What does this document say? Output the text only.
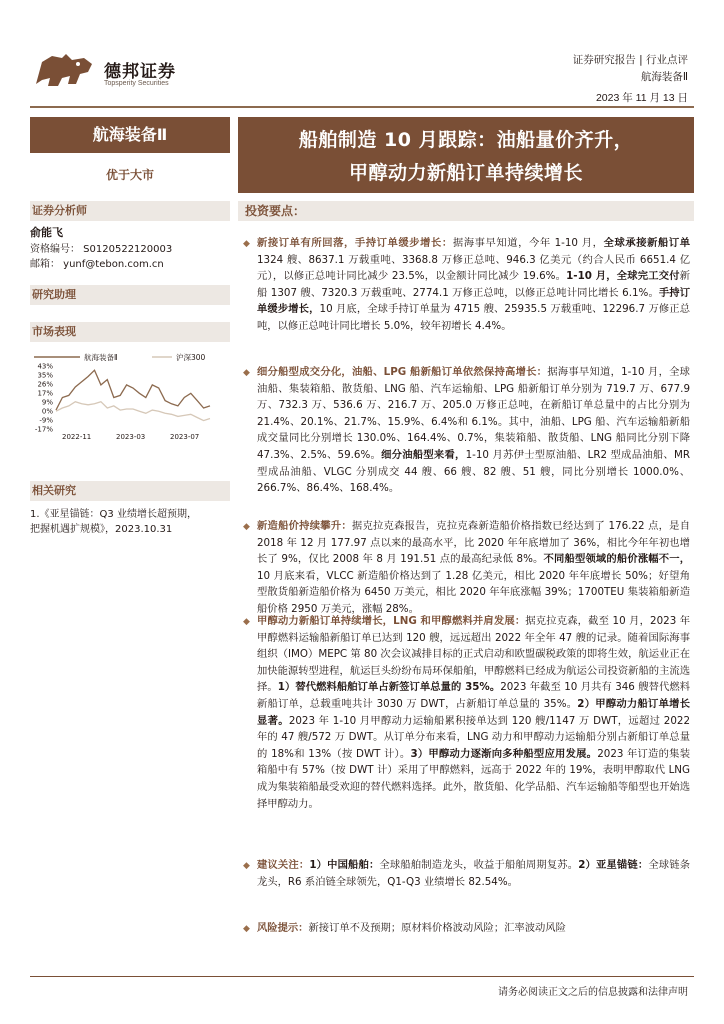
德邦证券
Topsperity Securities
证券研究报告 | 行业点评
航海装备Ⅱ
2023 年 11 月 13 日
航海装备Ⅱ
优于大市
船舶制造 10 月跟踪：油船量价齐升，
甲醇动力新船订单持续增长
证券分析师
俞能飞
资格编号： S0120522120003
邮箱： yunf@tebon.com.cn
研究助理
市场表现
航海装备Ⅱ	沪深300
43%
35%
26%
17%
9%
0%
-9%
-17%
2022-11	2023-03	2023-07
相关研究
1.《亚星锚链：Q3 业绩增长超预期，
把握机遇扩规模》，2023.10.31
投资要点：
◆ 新接订单有所回落，手持订单缓步增长：据海事早知道，今年 1-10 月，全球承接新船订单 1324 艘、8637.1 万载重吨、3368.8 万修正总吨、946.3 亿美元（约合人民币 6651.4 亿元），以修正总吨计同比减少 23.5%，以金额计同比减少 19.6%。1-10 月，全球完工交付新船 1307 艘、7320.3 万载重吨、2774.1 万修正总吨，以修正总吨计同比增长 6.1%。手持订单缓步增长，10 月底，全球手持订单量为 4715 艘、25935.5 万载重吨、12296.7 万修正总吨，以修正总吨计同比增长 5.0%，较年初增长 4.4%。
◆ 细分船型成交分化，油船、LPG 船新船订单依然保持高增长：据海事早知道，1-10 月，全球油船、集装箱船、散货船、LNG 船、汽车运输船、LPG 船新船订单分别为 719.7 万、677.9 万、732.3 万、536.6 万、216.7 万、205.0 万修正总吨，在新船订单总量中的占比分别为 21.4%、20.1%、21.7%、15.9%、6.4%和 6.1%。其中，油船、LPG 船、汽车运输船新船成交量同比分别增长 130.0%、164.4%、0.7%，集装箱船、散货船、LNG 船同比分别下降 47.3%、2.5%、59.6%。细分油船型来看，1-10 月苏伊士型原油船、LR2 型成品油船、MR 型成品油船、VLGC 分别成交 44 艘、66 艘、82 艘、51 艘，同比分别增长 1000.0%、266.7%、86.4%、168.4%。
◆ 新造船价持续攀升：据克拉克森报告，克拉克森新造船价格指数已经达到了 176.22 点，是自 2018 年 12 月 177.97 点以来的最高水平，比 2020 年年底增加了 36%，相比今年年初也增长了 9%，仅比 2008 年 8 月 191.51 点的最高纪录低 8%。不同船型领域的船价涨幅不一，10 月底来看，VLCC 新造船价格达到了 1.28 亿美元，相比 2020 年年底增长 50%；好望角型散货船新造船价格为 6450 万美元，相比 2020 年年底涨幅 39%；1700TEU 集装箱船新造船价格 2950 万美元，涨幅 28%。
◆ 甲醇动力新船订单持续增长，LNG 和甲醇燃料并肩发展：据克拉克森，截至 10 月，2023 年甲醇燃料运输船新船订单已达到 120 艘，远远超出 2022 年全年 47 艘的记录。随着国际海事组织（IMO）MEPC 第 80 次会议减排目标的正式启动和欧盟碳税政策的即将生效，航运业正在加快能源转型进程，航运巨头纷纷布局环保船舶，甲醇燃料已经成为航运公司投资新船的主流选择。1）替代燃料船舶订单占新签订单总量的 35%。2023 年截至 10 月共有 346 艘替代燃料新船订单，总载重吨共计 3030 万 DWT，占新船订单总量的 35%。2）甲醇动力船订单增长显著。2023 年 1-10 月甲醇动力运输船累积接单达到 120 艘/1147 万 DWT，远超过 2022 年的 47 艘/572 万 DWT。从订单分布来看，LNG 动力和甲醇动力运输船分别占新船订单总量的 18%和 13%（按 DWT 计）。3）甲醇动力逐渐向多种船型应用发展。2023 年订造的集装箱船中有 57%（按 DWT 计）采用了甲醇燃料，远高于 2022 年的 19%，表明甲醇取代 LNG 成为集装箱船最受欢迎的替代燃料选择。此外，散货船、化学品船、汽车运输船等船型也开始选择甲醇动力。
◆ 建议关注：1）中国船舶：全球船舶制造龙头，收益于船舶周期复苏。2）亚星锚链：全球链条龙头，R6 系泊链全球领先，Q1-Q3 业绩增长 82.54%。
◆ 风险提示：新接订单不及预期；原材料价格波动风险；汇率波动风险
请务必阅读正文之后的信息披露和法律声明
